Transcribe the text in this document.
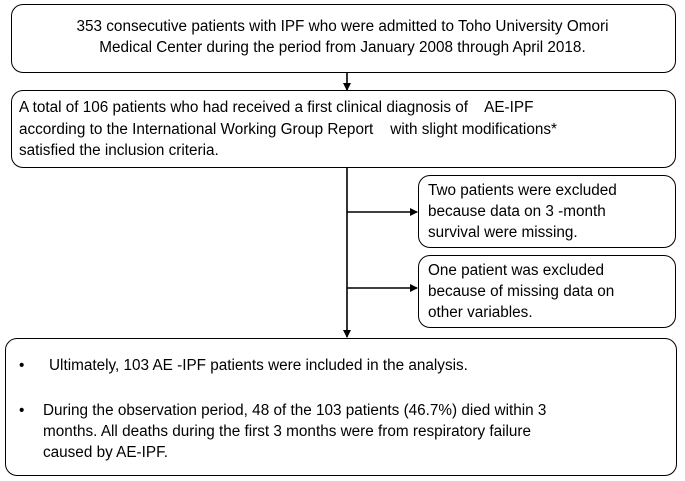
353 consecutive patients with IPF who were admitted to Toho University Omori
Medical Center during the period from January 2008 through April 2018.
A total of 106 patients who had received a first clinical diagnosis of    AE-IPF
according to the International Working Group Report    with slight modifications*
satisfied the inclusion criteria.
Two patients were excluded
because data on 3 -month
survival were missing.
One patient was excluded
because of missing data on
other variables.
• Ultimately, 103 AE -IPF patients were included in the analysis.
• During the observation period, 48 of the 103 patients (46.7%) died within 3
months. All deaths during the first 3 months were from respiratory failure
caused by AE-IPF.
